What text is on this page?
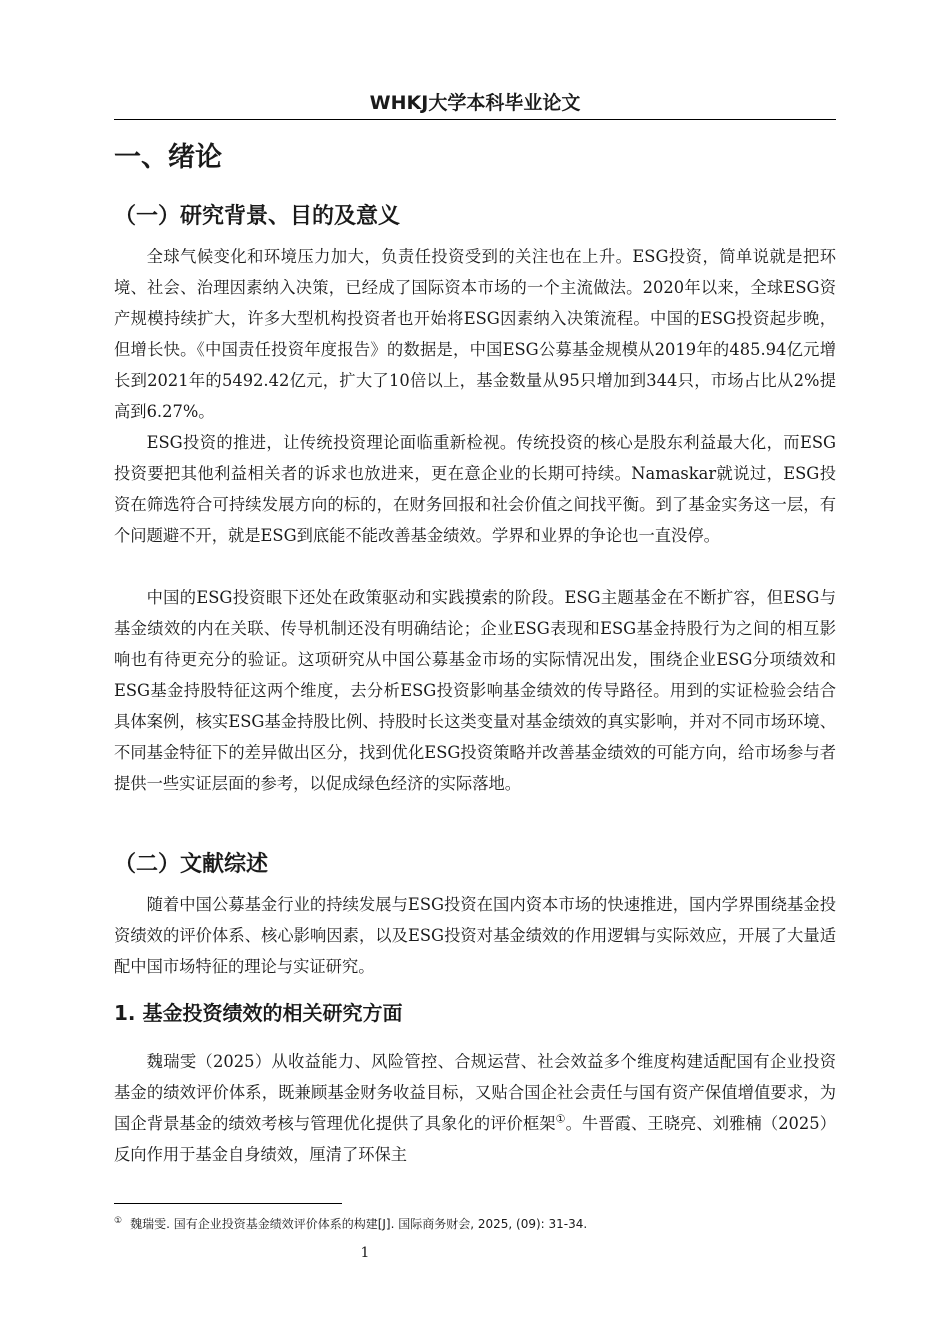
WHKJ大学本科毕业论文
一、绪论
（一）研究背景、目的及意义

全球气候变化和环境压力加大，负责任投资受到的关注也在上升。ESG投资，简单说就是把环境、社会、治理因素纳入决策，已经成了国际资本市场的一个主流做法。2020年以来，全球ESG资产规模持续扩大，许多大型机构投资者也开始将ESG因素纳入决策流程。中国的ESG投资起步晚，但增长快。《中国责任投资年度报告》的数据是，中国ESG公募基金规模从2019年的485.94亿元增长到2021年的5492.42亿元，扩大了10倍以上，基金数量从95只增加到344只，市场占比从2%提高到6.27%。

ESG投资的推进，让传统投资理论面临重新检视。传统投资的核心是股东利益最大化，而ESG投资要把其他利益相关者的诉求也放进来，更在意企业的长期可持续。Namaskar就说过，ESG投资在筛选符合可持续发展方向的标的，在财务回报和社会价值之间找平衡。到了基金实务这一层，有个问题避不开，就是ESG到底能不能改善基金绩效。学界和业界的争论也一直没停。

中国的ESG投资眼下还处在政策驱动和实践摸索的阶段。ESG主题基金在不断扩容，但ESG与基金绩效的内在关联、传导机制还没有明确结论；企业ESG表现和ESG基金持股行为之间的相互影响也有待更充分的验证。这项研究从中国公募基金市场的实际情况出发，围绕企业ESG分项绩效和ESG基金持股特征这两个维度，去分析ESG投资影响基金绩效的传导路径。用到的实证检验会结合具体案例，核实ESG基金持股比例、持股时长这类变量对基金绩效的真实影响，并对不同市场环境、不同基金特征下的差异做出区分，找到优化ESG投资策略并改善基金绩效的可能方向，给市场参与者提供一些实证层面的参考，以促成绿色经济的实际落地。

（二）文献综述

随着中国公募基金行业的持续发展与ESG投资在国内资本市场的快速推进，国内学界围绕基金投资绩效的评价体系、核心影响因素，以及ESG投资对基金绩效的作用逻辑与实际效应，开展了大量适配中国市场特征的理论与实证研究。

1. 基金投资绩效的相关研究方面

魏瑞雯（2025）从收益能力、风险管控、合规运营、社会效益多个维度构建适配国有企业投资基金的绩效评价体系，既兼顾基金财务收益目标，又贴合国企社会责任与国有资产保值增值要求，为国企背景基金的绩效考核与管理优化提供了具象化的评价框架①。牛晋霞、王晓亮、刘雅楠（2025）反向作用于基金自身绩效，厘清了环保主

① 魏瑞雯. 国有企业投资基金绩效评价体系的构建[J]. 国际商务财会, 2025, (09): 31-34.

1
